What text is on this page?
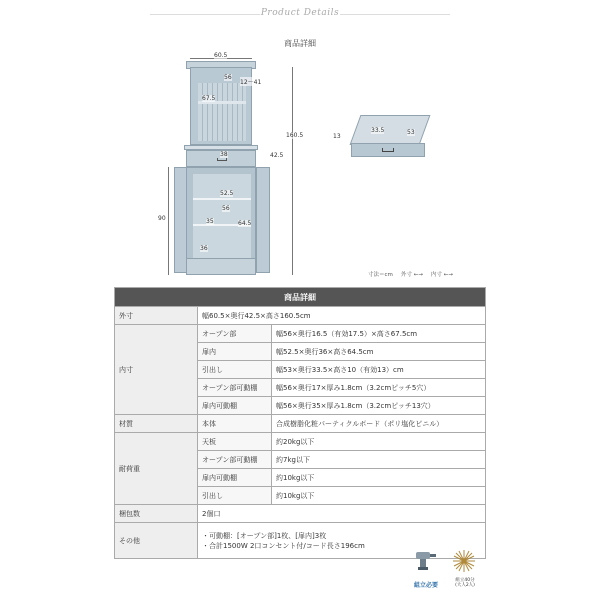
Product Details
商品詳細
60.5
56
12〜41
67.5
160.5
38	42.5
52.5
56
35	64.5
36
90
13
33.5	53
寸法＝cm 外寸 ←→ 内寸 ←→
商品詳細		
外寸	幅60.5×奥行42.5×高さ160.5cm	
内寸	オープン部	幅56×奥行16.5（有効17.5）×高さ67.5cm
	扉内	幅52.5×奥行36×高さ64.5cm
	引出し	幅53×奥行33.5×高さ10（有効13）cm
	オープン部可動棚	幅56×奥行17×厚み1.8cm（3.2cmピッチ5穴）
	扉内可動棚	幅56×奥行35×厚み1.8cm（3.2cmピッチ13穴）
材質	本体	合成樹脂化粧パーティクルボード（ポリ塩化ビニル）
耐荷重	天板	約20kg以下
	オープン部可動棚	約7kg以下
	扉内可動棚	約10kg以下
	引出し	約10kg以下
梱包数	2個口	
その他	・可動棚：[オープン部]1枚、[扉内]3枚
・合計1500W 2口コンセント付/コード長さ196cm	
組立必要
組立40分
(大人2人)
